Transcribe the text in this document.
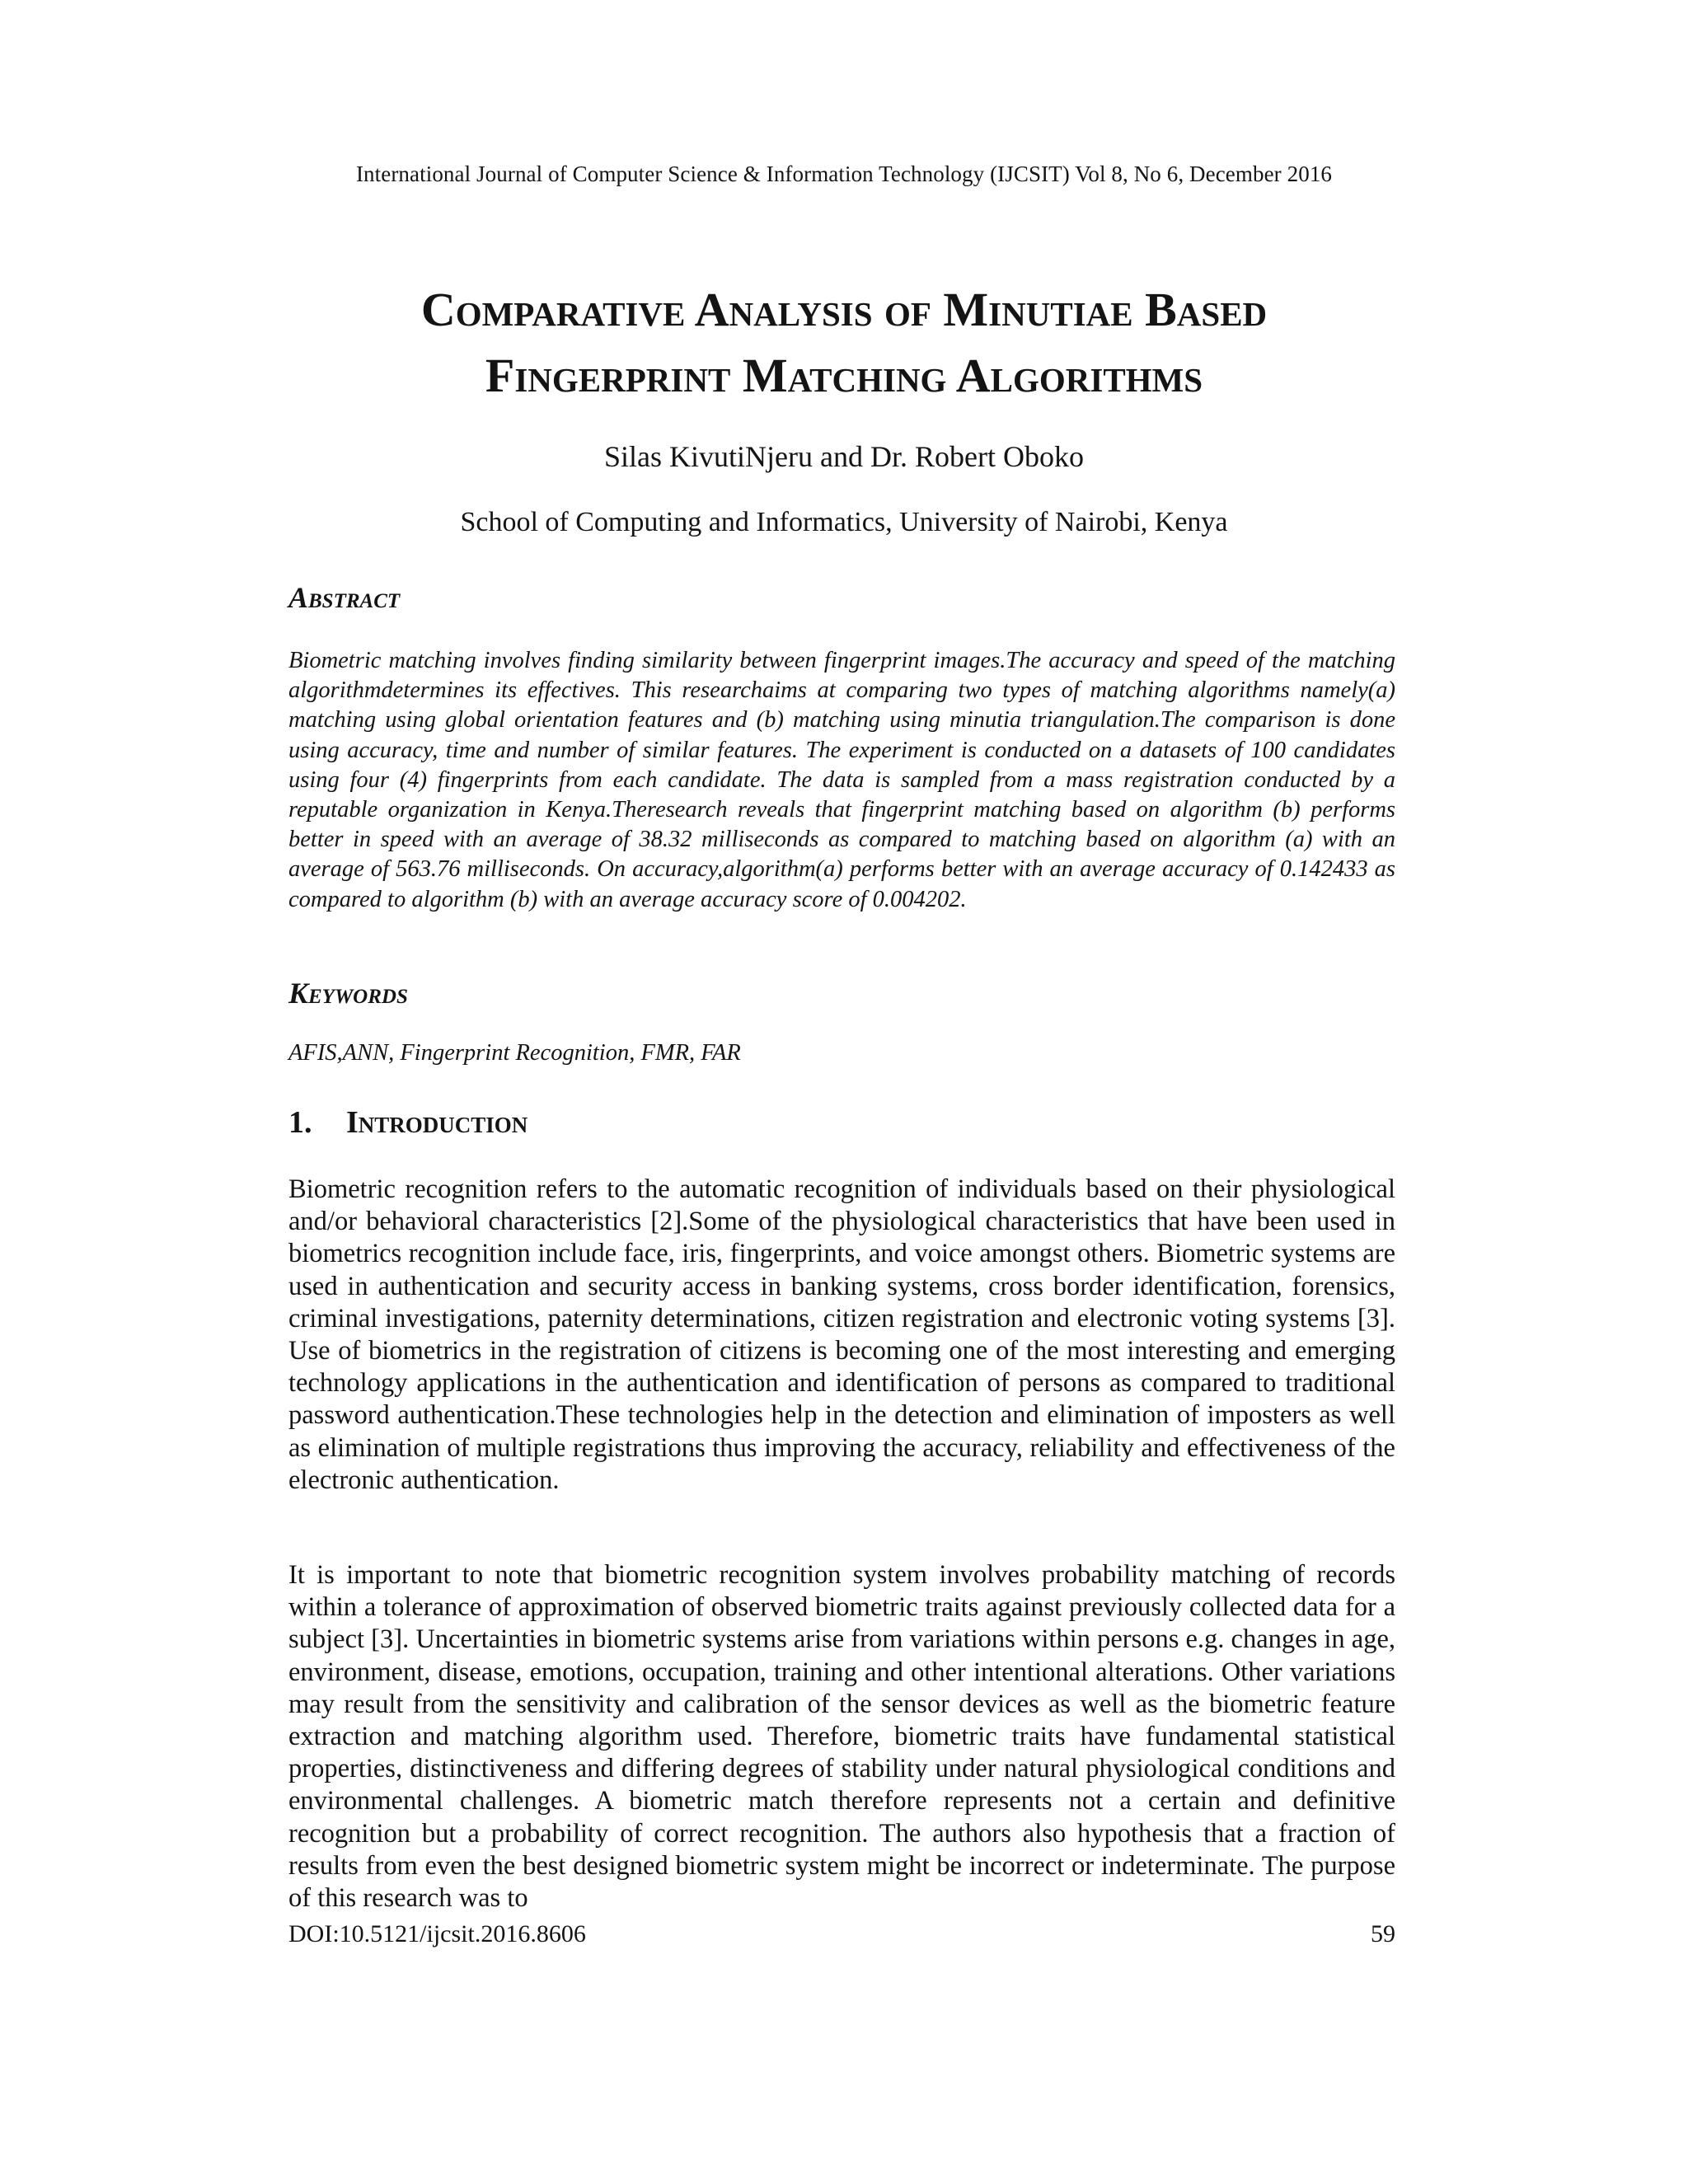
International Journal of Computer Science & Information Technology (IJCSIT) Vol 8, No 6, December 2016
Comparative Analysis of Minutiae Based
Fingerprint Matching Algorithms
Silas KivutiNjeru and Dr. Robert Oboko
School of Computing and Informatics, University of Nairobi, Kenya
Abstract
Biometric matching involves finding similarity between fingerprint images.The accuracy and speed of the matching algorithmdetermines its effectives. This researchaims at comparing two types of matching algorithms namely(a) matching using global orientation features and (b) matching using minutia triangulation.The comparison is done using accuracy, time and number of similar features. The experiment is conducted on a datasets of 100 candidates using four (4) fingerprints from each candidate. The data is sampled from a mass registration conducted by a reputable organization in Kenya.Theresearch reveals that fingerprint matching based on algorithm (b) performs better in speed with an average of 38.32 milliseconds as compared to matching based on algorithm (a) with an average of 563.76 milliseconds. On accuracy,algorithm(a) performs better with an average accuracy of 0.142433 as compared to algorithm (b) with an average accuracy score of 0.004202.
Keywords
AFIS,ANN, Fingerprint Recognition, FMR, FAR
1. Introduction
Biometric recognition refers to the automatic recognition of individuals based on their physiological and/or behavioral characteristics [2].Some of the physiological characteristics that have been used in biometrics recognition include face, iris, fingerprints, and voice amongst others. Biometric systems are used in authentication and security access in banking systems, cross border identification, forensics, criminal investigations, paternity determinations, citizen registration and electronic voting systems [3]. Use of biometrics in the registration of citizens is becoming one of the most interesting and emerging technology applications in the authentication and identification of persons as compared to traditional password authentication.These technologies help in the detection and elimination of imposters as well as elimination of multiple registrations thus improving the accuracy, reliability and effectiveness of the electronic authentication.
It is important to note that biometric recognition system involves probability matching of records within a tolerance of approximation of observed biometric traits against previously collected data for a subject [3]. Uncertainties in biometric systems arise from variations within persons e.g. changes in age, environment, disease, emotions, occupation, training and other intentional alterations. Other variations may result from the sensitivity and calibration of the sensor devices as well as the biometric feature extraction and matching algorithm used. Therefore, biometric traits have fundamental statistical properties, distinctiveness and differing degrees of stability under natural physiological conditions and environmental challenges. A biometric match therefore represents not a certain and definitive recognition but a probability of correct recognition. The authors also hypothesis that a fraction of results from even the best designed biometric system might be incorrect or indeterminate. The purpose of this research was to
DOI:10.5121/ijcsit.2016.8606	59
